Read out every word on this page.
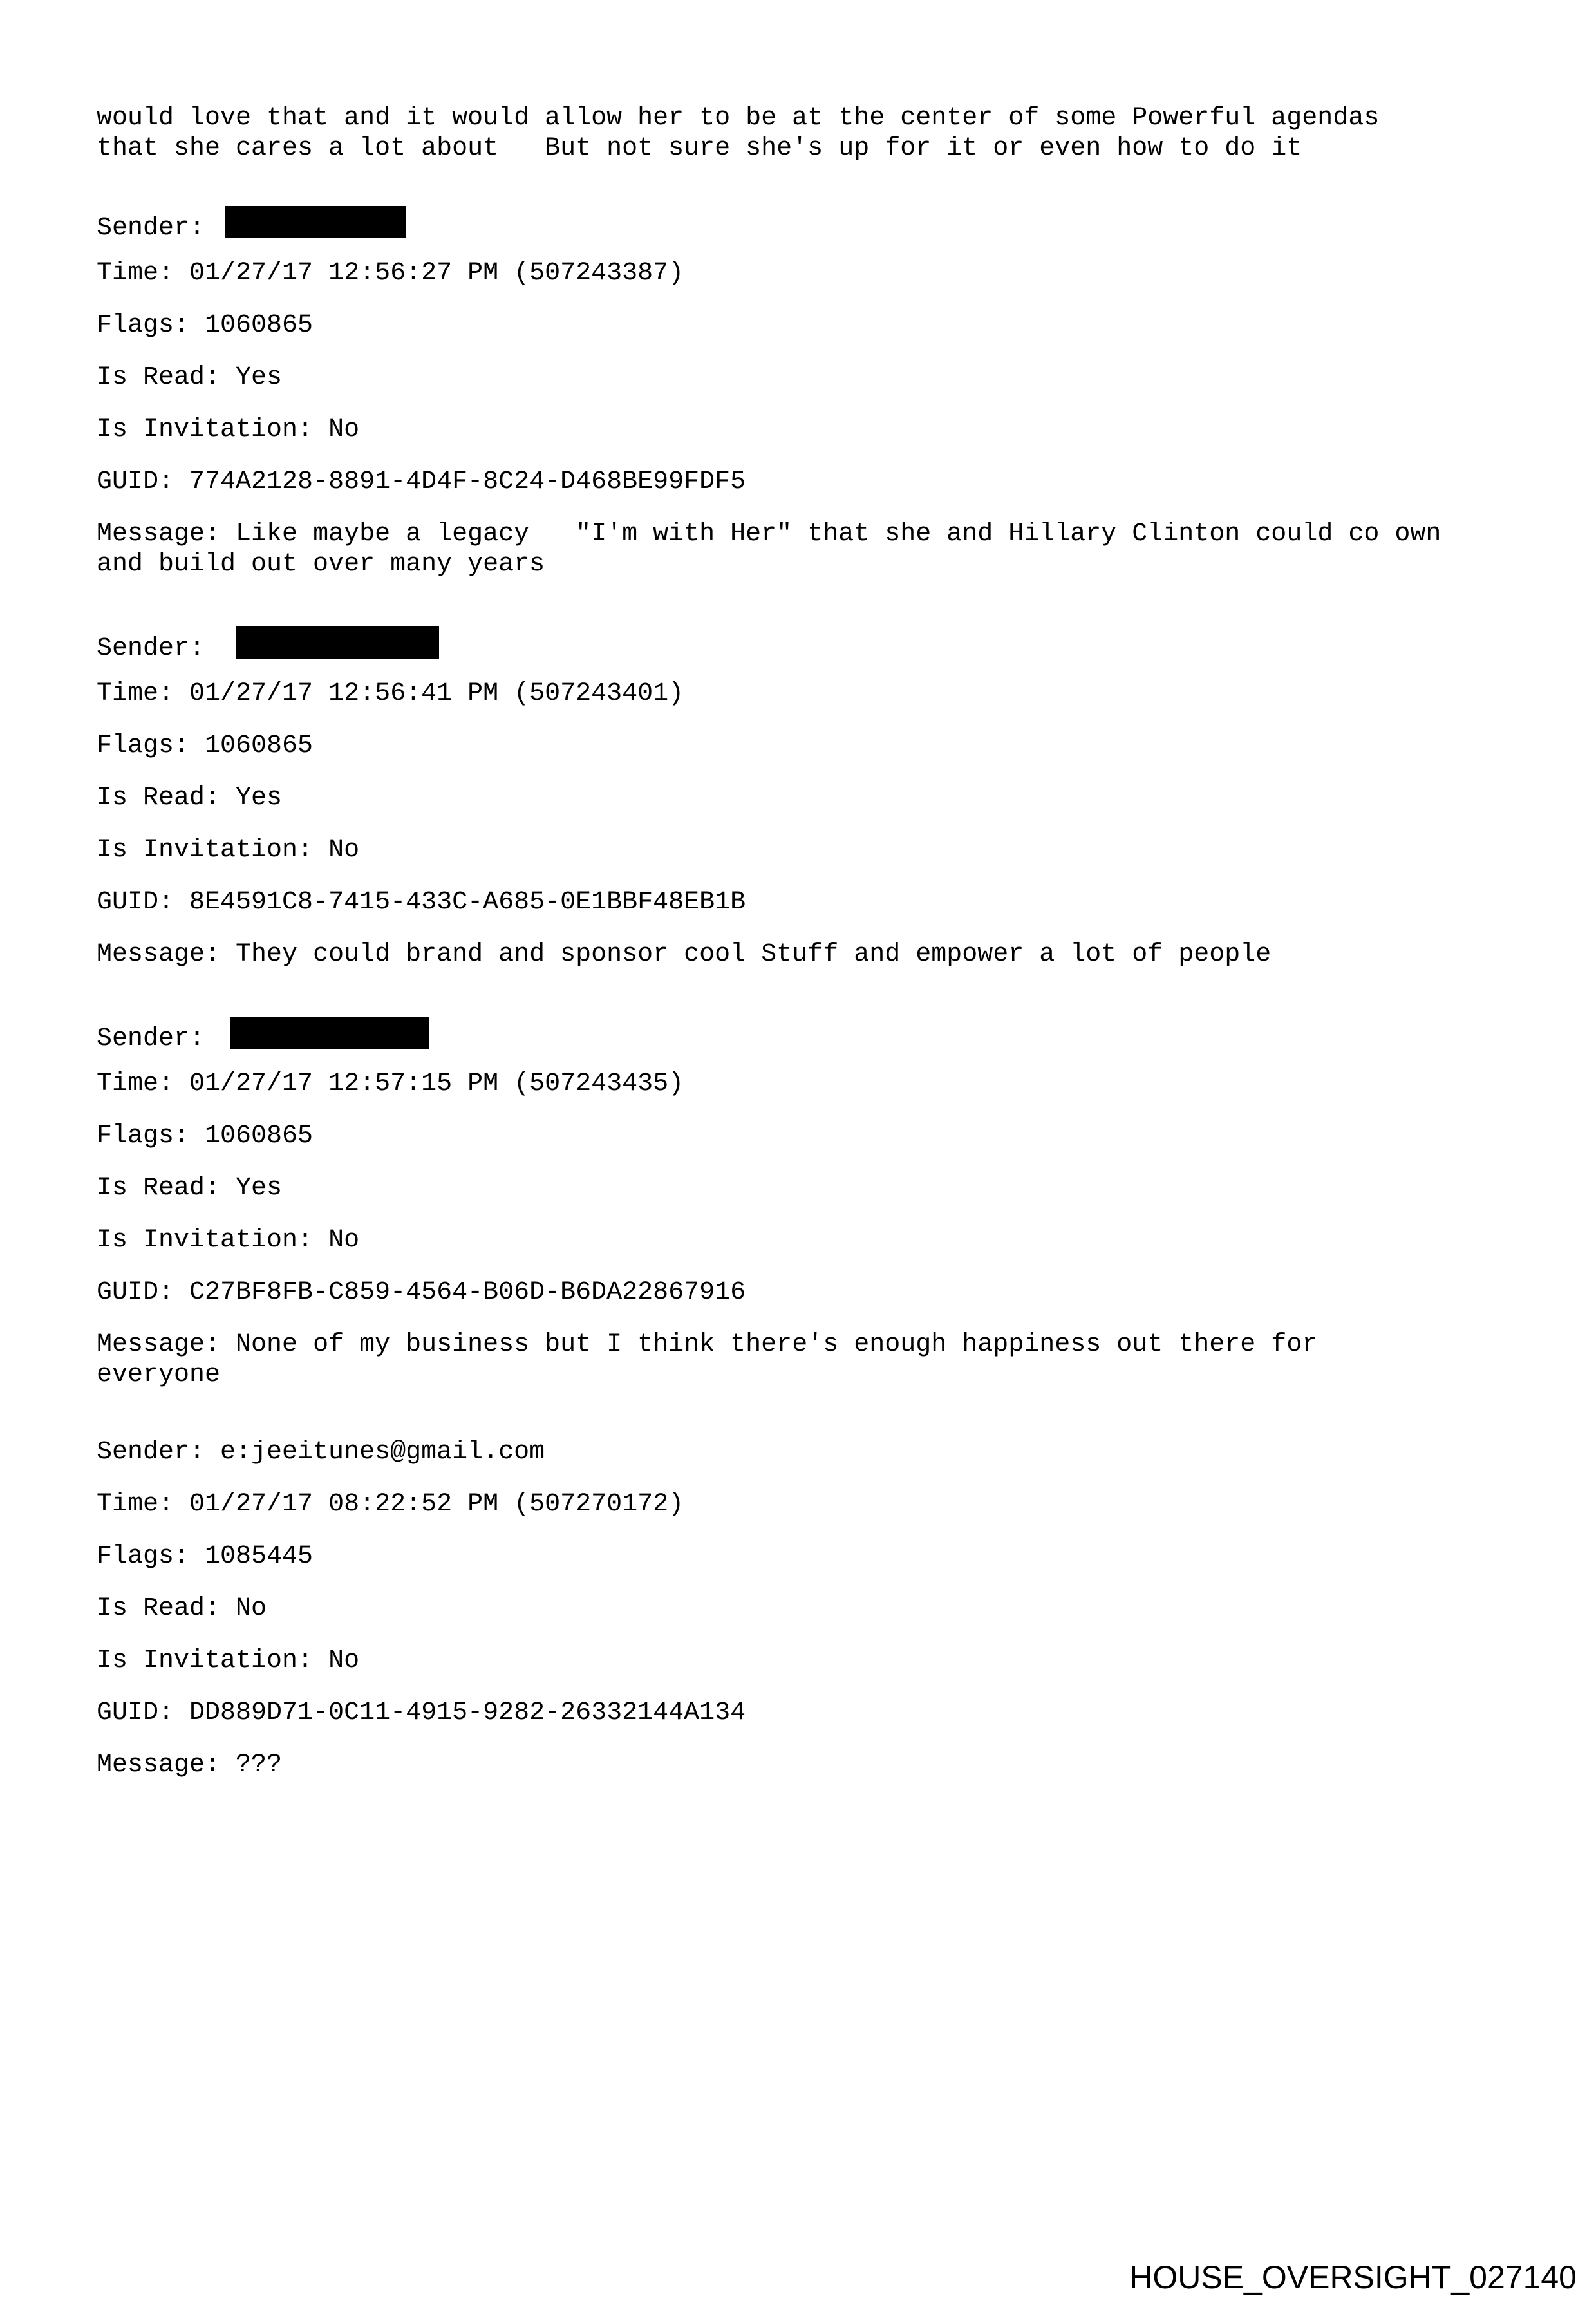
would love that and it would allow her to be at the center of some Powerful agendas
that she cares a lot about   But not sure she's up for it or even how to do it
Sender:
Time: 01/27/17 12:56:27 PM (507243387)
Flags: 1060865
Is Read: Yes
Is Invitation: No
GUID: 774A2128-8891-4D4F-8C24-D468BE99FDF5
Message: Like maybe a legacy   "I'm with Her" that she and Hillary Clinton could co own
and build out over many years
Sender:
Time: 01/27/17 12:56:41 PM (507243401)
Flags: 1060865
Is Read: Yes
Is Invitation: No
GUID: 8E4591C8-7415-433C-A685-0E1BBF48EB1B
Message: They could brand and sponsor cool Stuff and empower a lot of people
Sender:
Time: 01/27/17 12:57:15 PM (507243435)
Flags: 1060865
Is Read: Yes
Is Invitation: No
GUID: C27BF8FB-C859-4564-B06D-B6DA22867916
Message: None of my business but I think there's enough happiness out there for
everyone
Sender: e:jeeitunes@gmail.com
Time: 01/27/17 08:22:52 PM (507270172)
Flags: 1085445
Is Read: No
Is Invitation: No
GUID: DD889D71-0C11-4915-9282-26332144A134
Message: ???
HOUSE_OVERSIGHT_027140
